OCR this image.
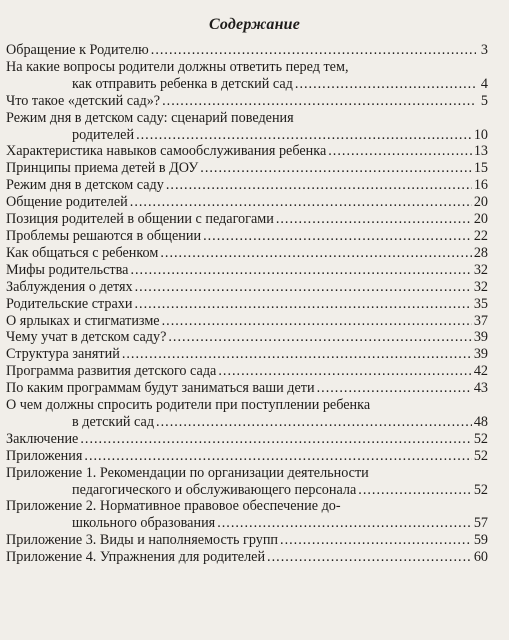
Содержание
Обращение к Родителю .....	3
На какие вопросы родители должны ответить перед тем,
как отправить ребенка в детский сад .....	4
Что такое «детский сад»? .....	5
Режим дня в детском саду: сценарий поведения
родителей .....	10
Характеристика навыков самообслуживания ребенка .....	13
Принципы приема детей в ДОУ .....	15
Режим дня в детском саду .....	16
Общение родителей .....	20
Позиция родителей в общении с педагогами .....	20
Проблемы решаются в общении .....	22
Как общаться с ребенком .....	28
Мифы родительства .....	32
Заблуждения о детях .....	32
Родительские страхи .....	35
О ярлыках и стигматизме .....	37
Чему учат в детском саду? .....	39
Структура занятий .....	39
Программа развития детского сада .....	42
По каким программам будут заниматься ваши дети .....	43
О чем должны спросить родители при поступлении ребенка
в детский сад .....	48
Заключение .....	52
Приложения .....	52
Приложение 1. Рекомендации по организации деятельности
педагогического и обслуживающего персонала .....	52
Приложение 2. Нормативное правовое обеспечение до-
школьного образования .....	57
Приложение 3. Виды и наполняемость групп .....	59
Приложение 4. Упражнения для родителей .....	60
